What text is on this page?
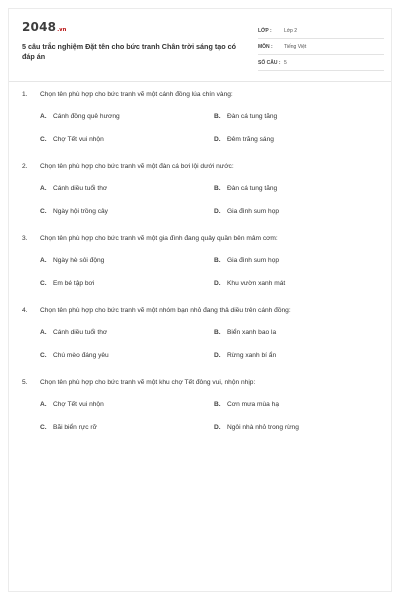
2048.vn
5 câu trắc nghiệm Đặt tên cho bức tranh Chân trời sáng tạo có đáp án
LỚP : Lớp 2
MÔN : Tiếng Việt
SỐ CÂU : 5
1. Chọn tên phù hợp cho bức tranh vẽ một cánh đồng lúa chín vàng:
A. Cánh đồng quê hương	B. Đàn cá tung tăng
C. Chợ Tết vui nhộn	D. Đêm trăng sáng
2. Chọn tên phù hợp cho bức tranh vẽ một đàn cá bơi lội dưới nước:
A. Cánh diều tuổi thơ	B. Đàn cá tung tăng
C. Ngày hội trồng cây	D. Gia đình sum họp
3. Chọn tên phù hợp cho bức tranh vẽ một gia đình đang quây quần bên mâm cơm:
A. Ngày hè sôi động	B. Gia đình sum họp
C. Em bé tập bơi	D. Khu vườn xanh mát
4. Chọn tên phù hợp cho bức tranh vẽ một nhóm bạn nhỏ đang thả diều trên cánh đồng:
A. Cánh diều tuổi thơ	B. Biển xanh bao la
C. Chú mèo đáng yêu	D. Rừng xanh bí ẩn
5. Chọn tên phù hợp cho bức tranh vẽ một khu chợ Tết đông vui, nhộn nhịp:
A. Chợ Tết vui nhộn	B. Cơn mưa mùa hạ
C. Bãi biển rực rỡ	D. Ngôi nhà nhỏ trong rừng
